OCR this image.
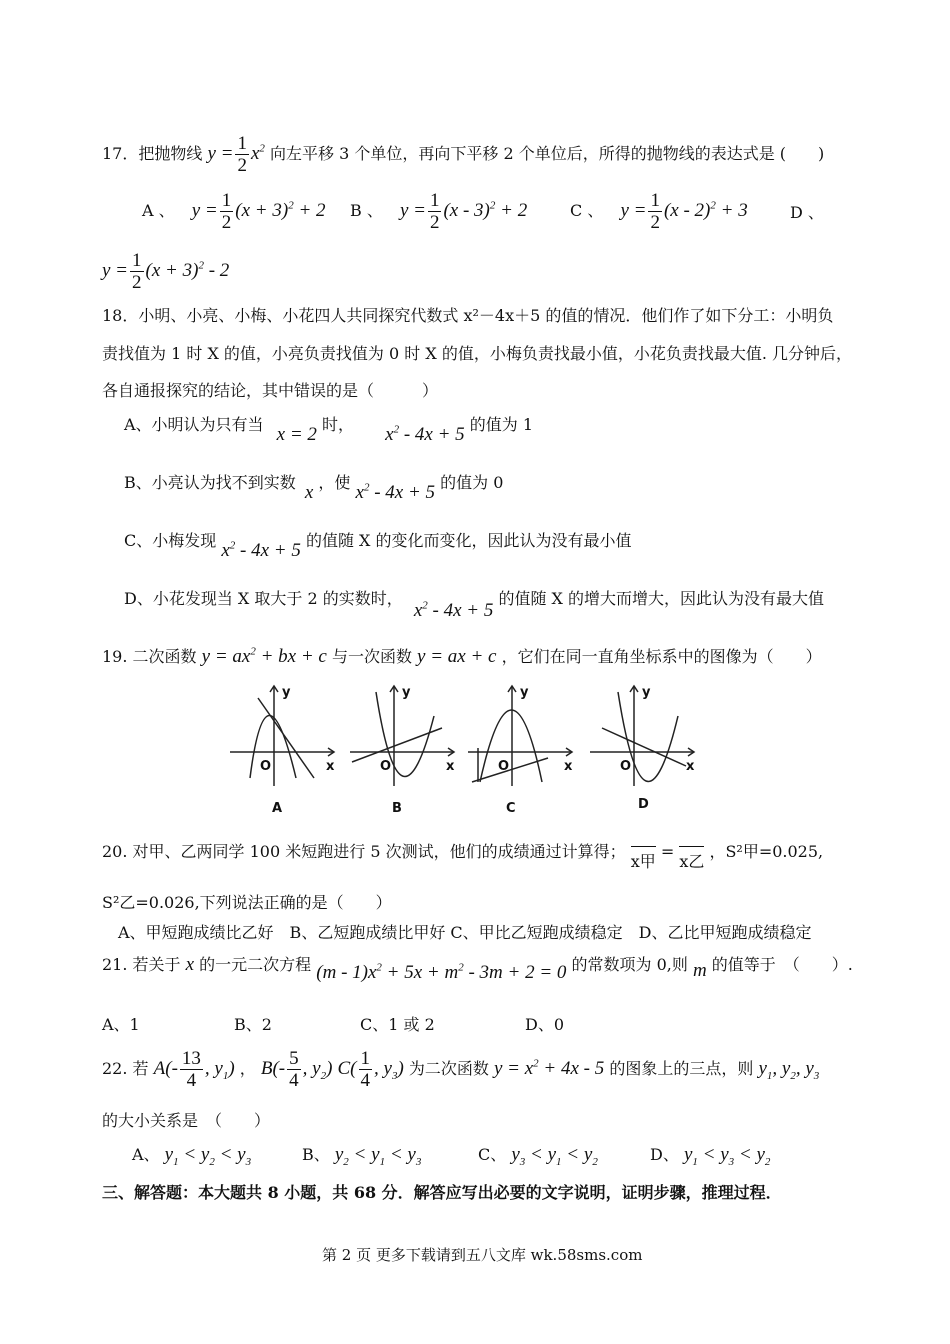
17．把抛物线 $y = \frac{1}{2} x^2$ 向左平移 3 个单位，再向下平移 2 个单位后，所得的抛物线的表达式是 (　　)
A 、 $y = \frac{1}{2} (x + 3)^2 + 2$ B 、 $y = \frac{1}{2} (x - 3)^2 + 2$	C 、 $y = \frac{1}{2} (x - 2)^2 + 3$	D 、
$y = \frac{1}{2} (x + 3)^2 - 2$
18．小明、小亮、小梅、小花四人共同探究代数式 x²－4x＋5 的值的情况．他们作了如下分工：小明负
责找值为 1 时 X 的值，小亮负责找值为 0 时 X 的值，小梅负责找最小值，小花负责找最大值. 几分钟后，
各自通报探究的结论，其中错误的是（　　　）
A、小明认为只有当 x = 2 时， $x^2 - 4x + 5$ 的值为 1
B、小亮认为找不到实数 x ，使 $x^2 - 4x + 5$ 的值为 0
C、小梅发现 $x^2 - 4x + 5$ 的值随 X 的变化而变化，因此认为没有最小值
D、小花发现当 X 取大于 2 的实数时， $x^2 - 4x + 5$ 的值随 X 的增大而增大，因此认为没有最大值
19. 二次函数 $y = ax^2$ + bx + c 与一次函数 y = ax + c ，它们在同一直角坐标系中的图像为（　　）
y
x
O
A
y
x
O
B
y
x
O
C
y
x
O
D
20. 对甲、乙两同学 100 米短跑进行 5 次测试，他们的成绩通过计算得； x甲 = x乙 ，S²甲=0.025,
S²乙=0.026,下列说法正确的是（　　）
A、甲短跑成绩比乙好　B、乙短跑成绩比甲好 C、甲比乙短跑成绩稳定　D、乙比甲短跑成绩稳定
21. 若关于 x 的一元二次方程 $(m - 1)x^2 + 5x + m^2 - 3m + 2 = 0$ 的常数项为 0,则 m 的值等于　（　　）.
A、1	B、2	C、1 或 2	D、0
22. 若 $A(- \frac{13}{4}$ , $y_1$) ， $B(- \frac{5}{4}$ , $y_2$) $C( \frac{1}{4}$ , $y_3$) 为二次函数 $y = x^2 + 4x - 5$ 的图象上的三点，则 $y_1$, $y_2$, $y_3$
的大小关系是　（　　）
A、 $y_1 < y_2 < y_3$	B、 $y_2 < y_1 < y_3$	C、 $y_3 < y_1 < y_2$	D、 $y_1 < y_3 < y_2$
三、解答题：本大题共 8 小题，共 68 分．解答应写出必要的文字说明，证明步骤，推理过程．
第 2 页 更多下载请到五八文库 wk.58sms.com
